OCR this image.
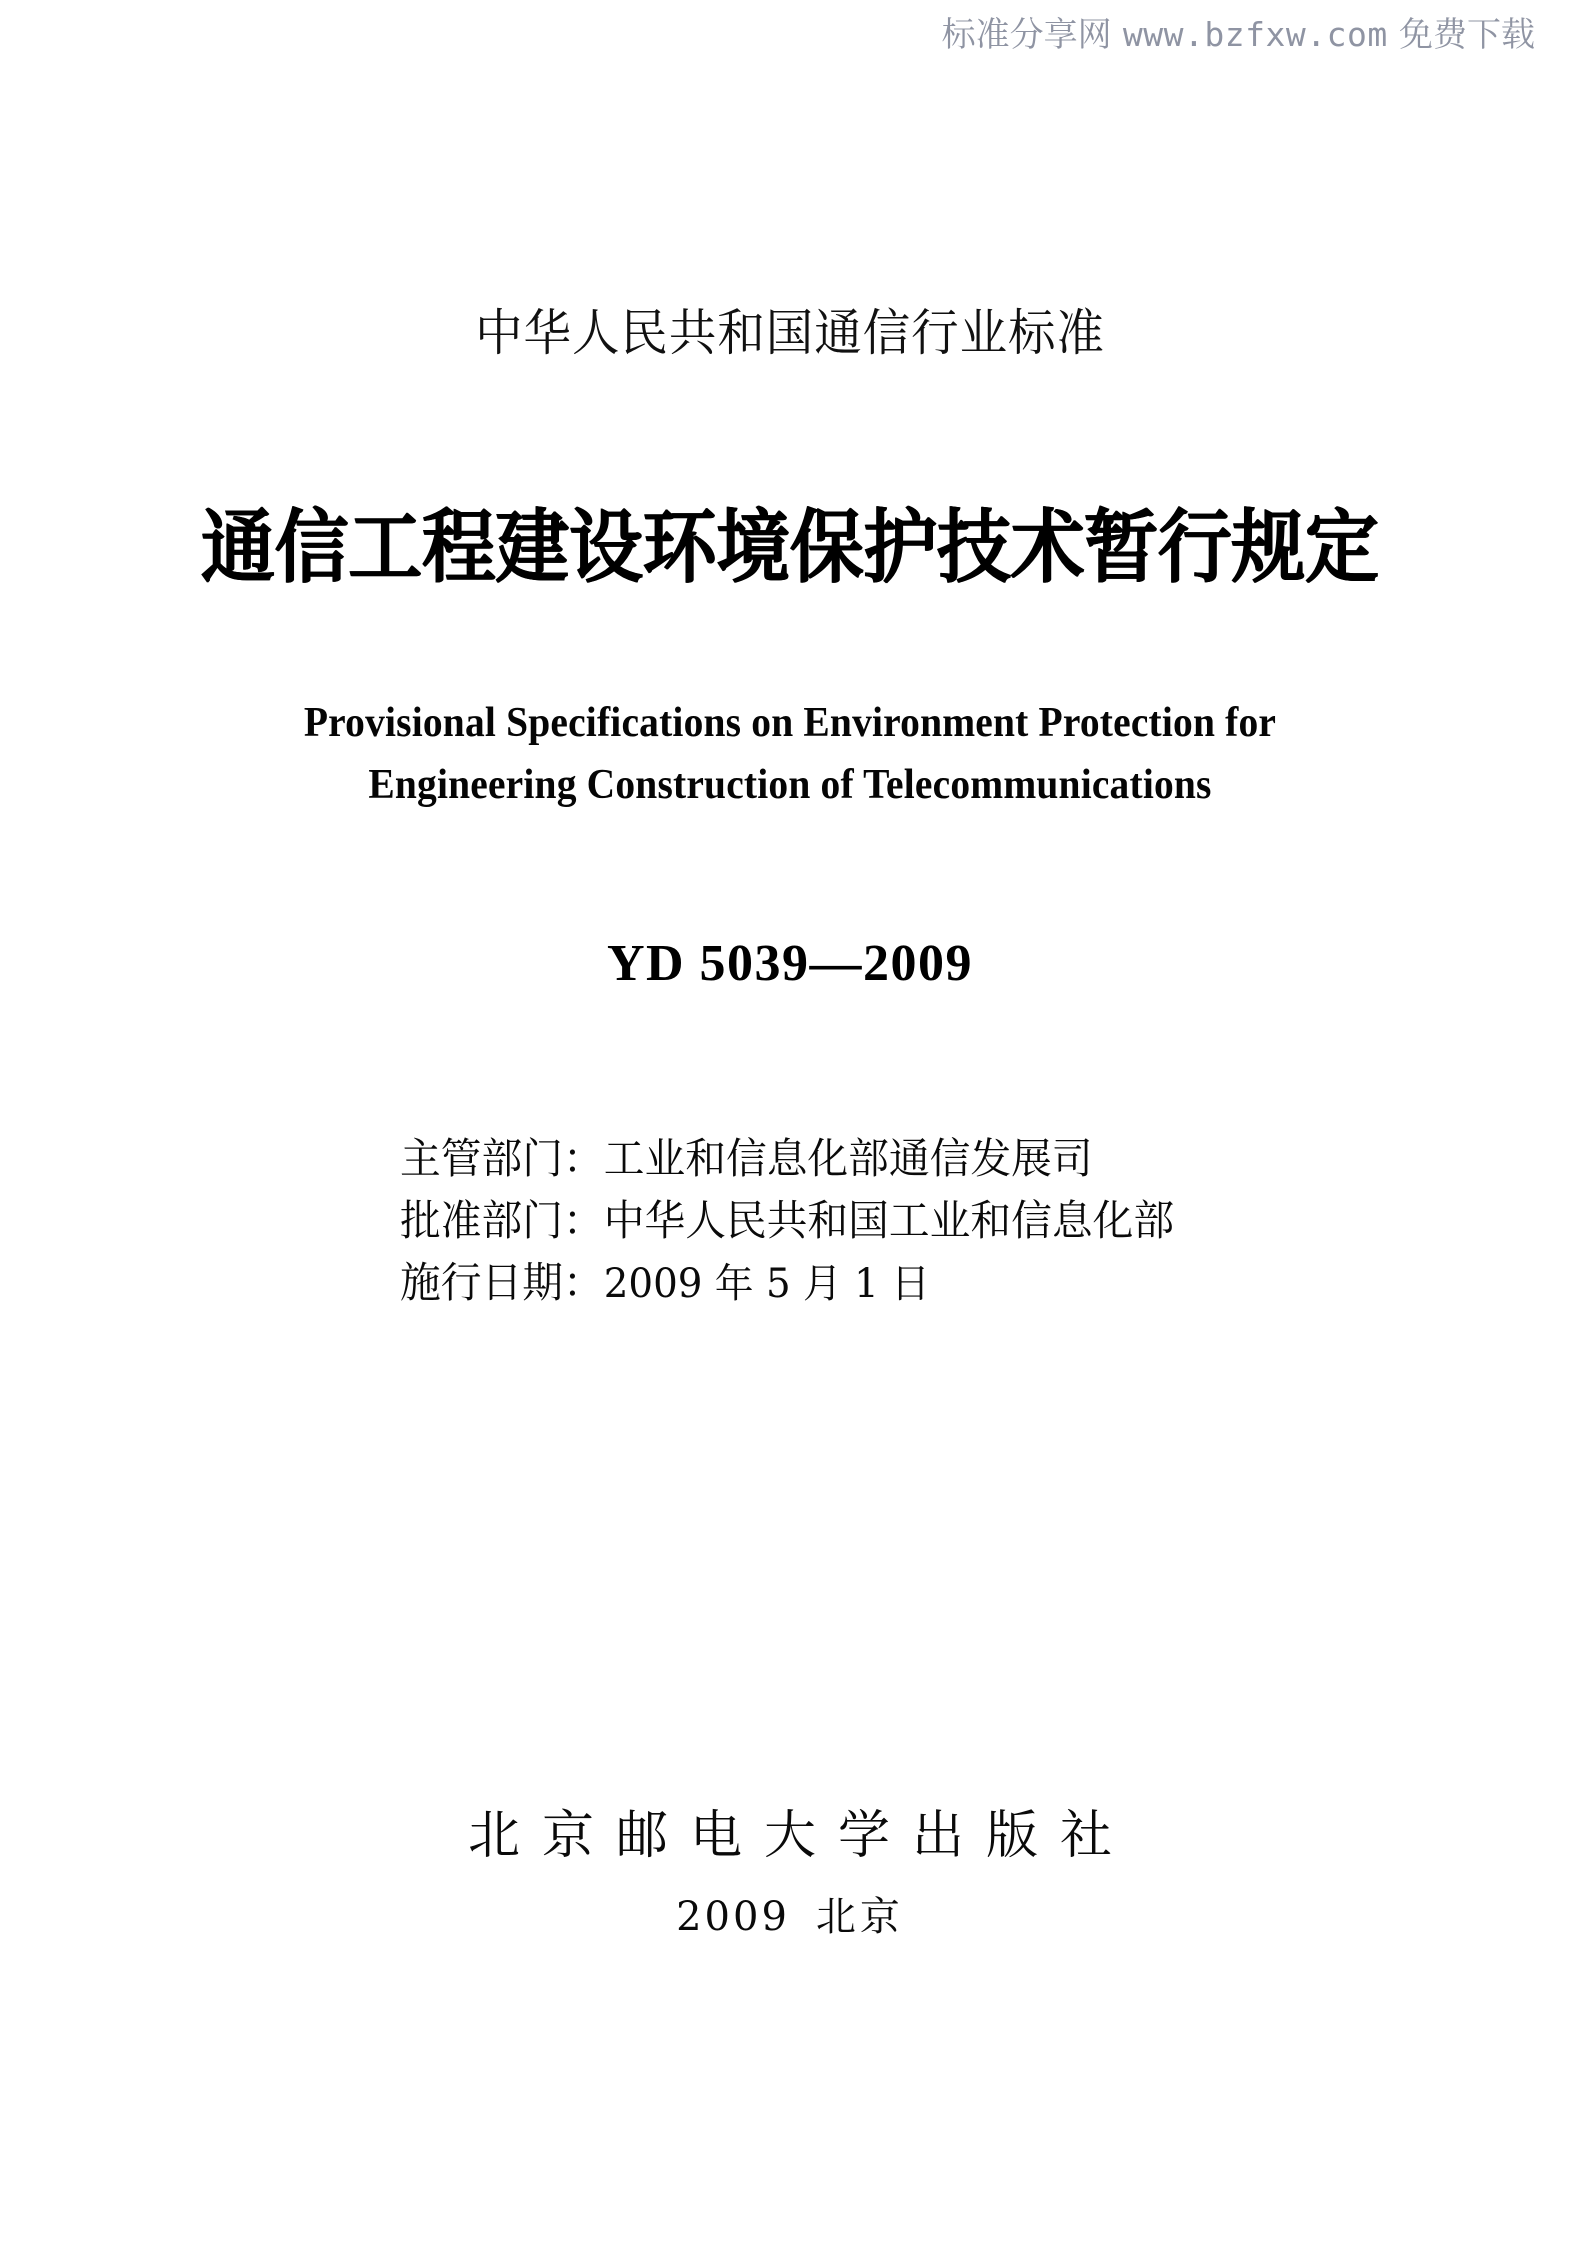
标准分享网 www.bzfxw.com 免费下载
中华人民共和国通信行业标准
通信工程建设环境保护技术暂行规定
Provisional Specifications on Environment Protection for
Engineering Construction of Telecommunications
YD 5039—2009
主管部门：工业和信息化部通信发展司
批准部门：中华人民共和国工业和信息化部
施行日期：2009 年 5 月 1 日
北京邮电大学出版社
2009 北京
